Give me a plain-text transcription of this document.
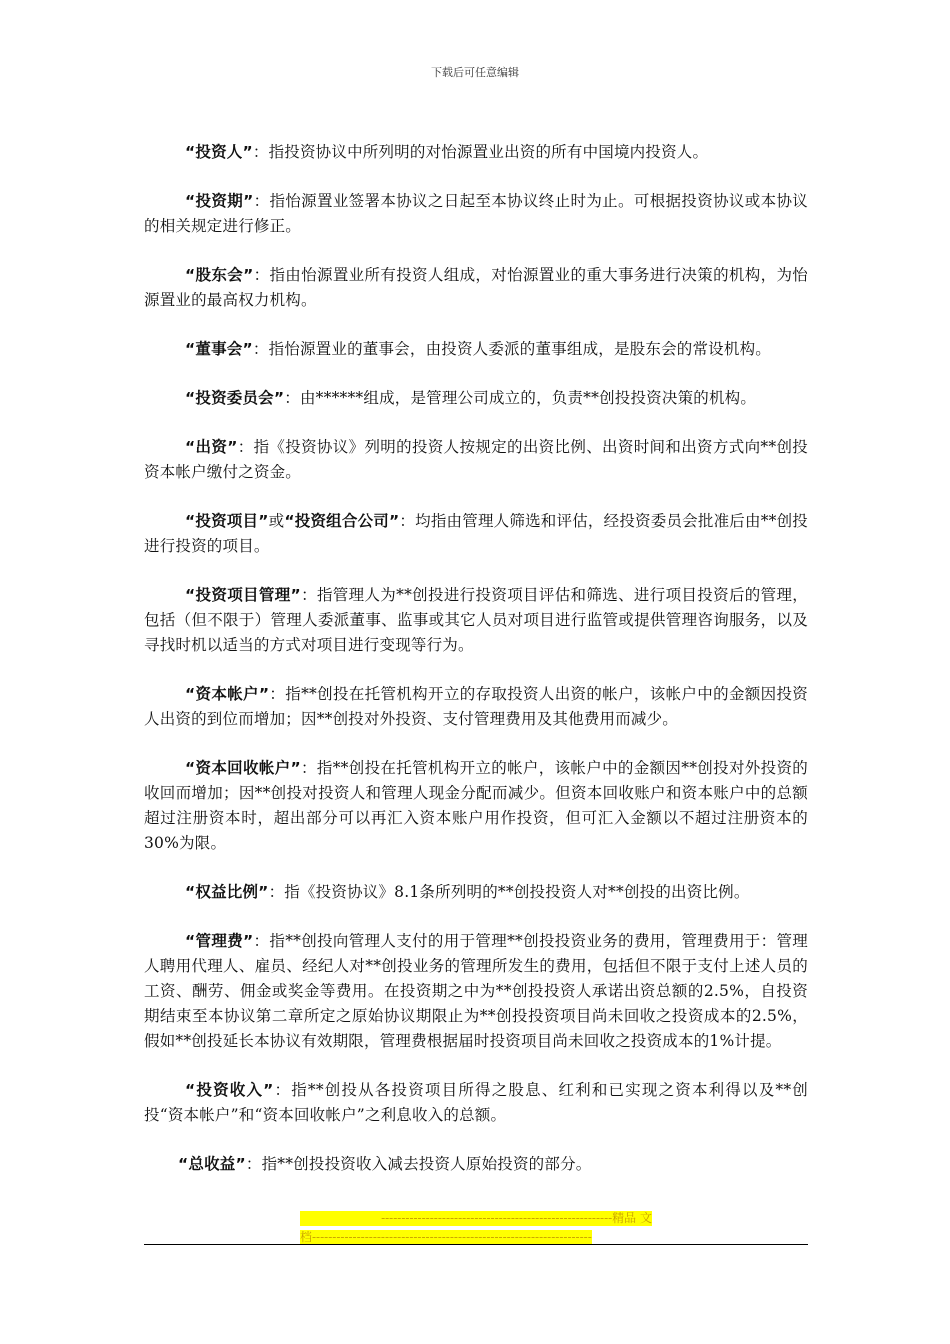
下载后可任意编辑

“投资人”：指投资协议中所列明的对怡源置业出资的所有中国境内投资人。

“投资期”：指怡源置业签署本协议之日起至本协议终止时为止。可根据投资协议或本协议的相关规定进行修正。

“股东会”：指由怡源置业所有投资人组成，对怡源置业的重大事务进行决策的机构，为怡源置业的最高权力机构。

“董事会”：指怡源置业的董事会，由投资人委派的董事组成，是股东会的常设机构。

“投资委员会”：由******组成，是管理公司成立的，负责**创投投资决策的机构。

“出资”：指《投资协议》列明的投资人按规定的出资比例、出资时间和出资方式向**创投资本帐户缴付之资金。

“投资项目”或“投资组合公司”：均指由管理人筛选和评估，经投资委员会批准后由**创投进行投资的项目。

“投资项目管理”：指管理人为**创投进行投资项目评估和筛选、进行项目投资后的管理，包括（但不限于）管理人委派董事、监事或其它人员对项目进行监管或提供管理咨询服务，以及寻找时机以适当的方式对项目进行变现等行为。

“资本帐户”：指**创投在托管机构开立的存取投资人出资的帐户，该帐户中的金额因投资人出资的到位而增加；因**创投对外投资、支付管理费用及其他费用而减少。

“资本回收帐户”：指**创投在托管机构开立的帐户，该帐户中的金额因**创投对外投资的收回而增加；因**创投对投资人和管理人现金分配而减少。但资本回收账户和资本账户中的总额超过注册资本时，超出部分可以再汇入资本账户用作投资，但可汇入金额以不超过注册资本的30%为限。

“权益比例”：指《投资协议》8.1条所列明的**创投投资人对**创投的出资比例。

“管理费”：指**创投向管理人支付的用于管理**创投投资业务的费用，管理费用于：管理人聘用代理人、雇员、经纪人对**创投业务的管理所发生的费用，包括但不限于支付上述人员的工资、酬劳、佣金或奖金等费用。在投资期之中为**创投投资人承诺出资总额的2.5%，自投资期结束至本协议第二章所定之原始协议期限止为**创投投资项目尚未回收之投资成本的2.5%，假如**创投延长本协议有效期限，管理费根据届时投资项目尚未回收之投资成本的1%计提。

“投资收入”：指**创投从各投资项目所得之股息、红利和已实现之资本利得以及**创投“资本帐户”和“资本回收帐户”之利息收入的总额。

“总收益”：指**创投投资收入减去投资人原始投资的部分。

---------------------------------------------------------精品 文
档---------------------------------------------------------------------
